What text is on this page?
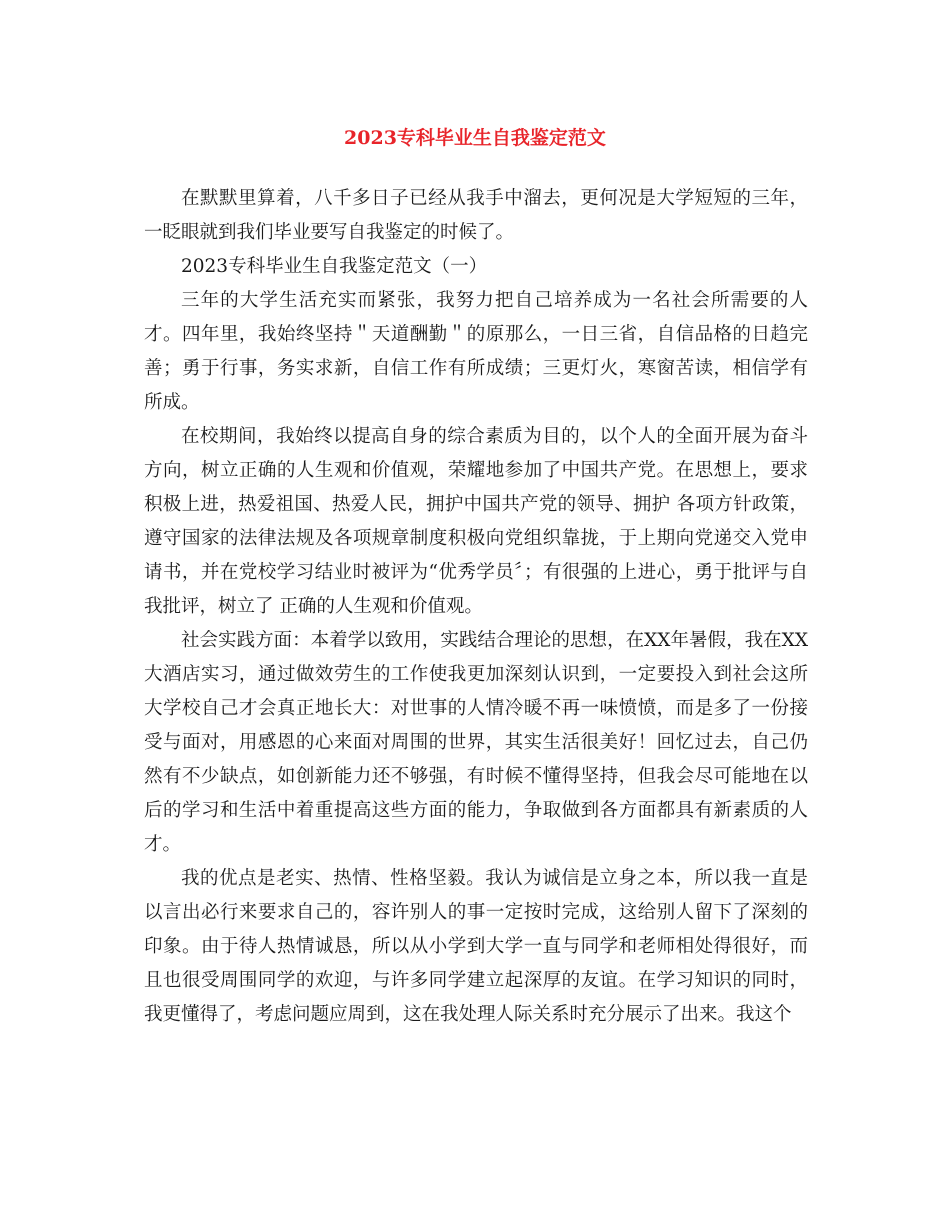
2023专科毕业生自我鉴定范文

在默默里算着，八千多日子已经从我手中溜去，更何况是大学短短的三年，一眨眼就到我们毕业要写自我鉴定的时候了。

2023专科毕业生自我鉴定范文（一）

三年的大学生活充实而紧张，我努力把自己培养成为一名社会所需要的人才。四年里，我始终坚持＂天道酬勤＂的原那么，一日三省，自信品格的日趋完善；勇于行事，务实求新，自信工作有所成绩；三更灯火，寒窗苦读，相信学有所成。

在校期间，我始终以提高自身的综合素质为目的，以个人的全面开展为奋斗方向，树立正确的人生观和价值观，荣耀地参加了中国共产党。在思想上，要求积极上进，热爱祖国、热爱人民，拥护中国共产党的领导、拥护 各项方针政策，遵守国家的法律法规及各项规章制度积极向党组织靠拢，于上期向党递交入党申请书，并在党校学习结业时被评为“优秀学员〞；有很强的上进心，勇于批评与自我批评，树立了 正确的人生观和价值观。

社会实践方面：本着学以致用，实践结合理论的思想，在XX年暑假，我在XX大酒店实习，通过做效劳生的工作使我更加深刻认识到，一定要投入到社会这所大学校自己才会真正地长大：对世事的人情冷暖不再一味愤愤，而是多了一份接受与面对，用感恩的心来面对周围的世界，其实生活很美好！回忆过去，自己仍然有不少缺点，如创新能力还不够强，有时候不懂得坚持，但我会尽可能地在以后的学习和生活中着重提高这些方面的能力，争取做到各方面都具有新素质的人才。

我的优点是老实、热情、性格坚毅。我认为诚信是立身之本，所以我一直是以言出必行来要求自己的，容许别人的事一定按时完成，这给别人留下了深刻的印象。由于待人热情诚恳，所以从小学到大学一直与同学和老师相处得很好，而且也很受周围同学的欢迎，与许多同学建立起深厚的友谊。在学习知识的同时，我更懂得了，考虑问题应周到，这在我处理人际关系时充分展示了出来。我这个
